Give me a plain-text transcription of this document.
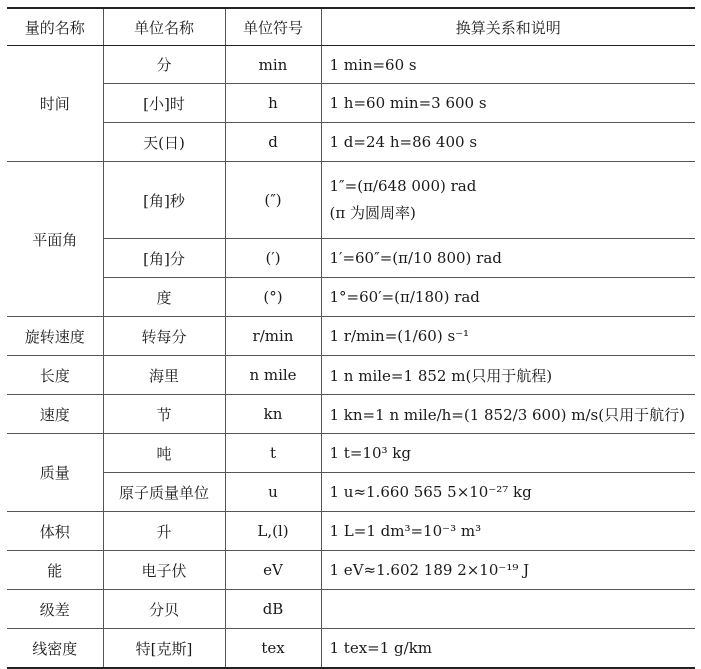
量的名称	单位名称	单位符号	换算关系和说明
时间	分	min	1 min=60 s
	[小]时	h	1 h=60 min=3 600 s
	天(日)	d	1 d=24 h=86 400 s
平面角	[角]秒	(″)	1″=(π/648 000) rad
(π 为圆周率)

	[角]分	(′)	1′=60″=(π/10 800) rad
	度	(°)	1°=60′=(π/180) rad
旋转速度	转每分	r/min	1 r/min=(1/60) s⁻¹
长度	海里	n mile	1 n mile=1 852 m(只用于航程)
速度	节	kn	1 kn=1 n mile/h=(1 852/3 600) m/s(只用于航行)
质量	吨	t	1 t=10³ kg
	原子质量单位	u	1 u≈1.660 565 5×10⁻²⁷ kg
体积	升	L,(l)	1 L=1 dm³=10⁻³ m³
能	电子伏	eV	1 eV≈1.602 189 2×10⁻¹⁹ J
级差	分贝	dB	
线密度	特[克斯]	tex	1 tex=1 g/km
